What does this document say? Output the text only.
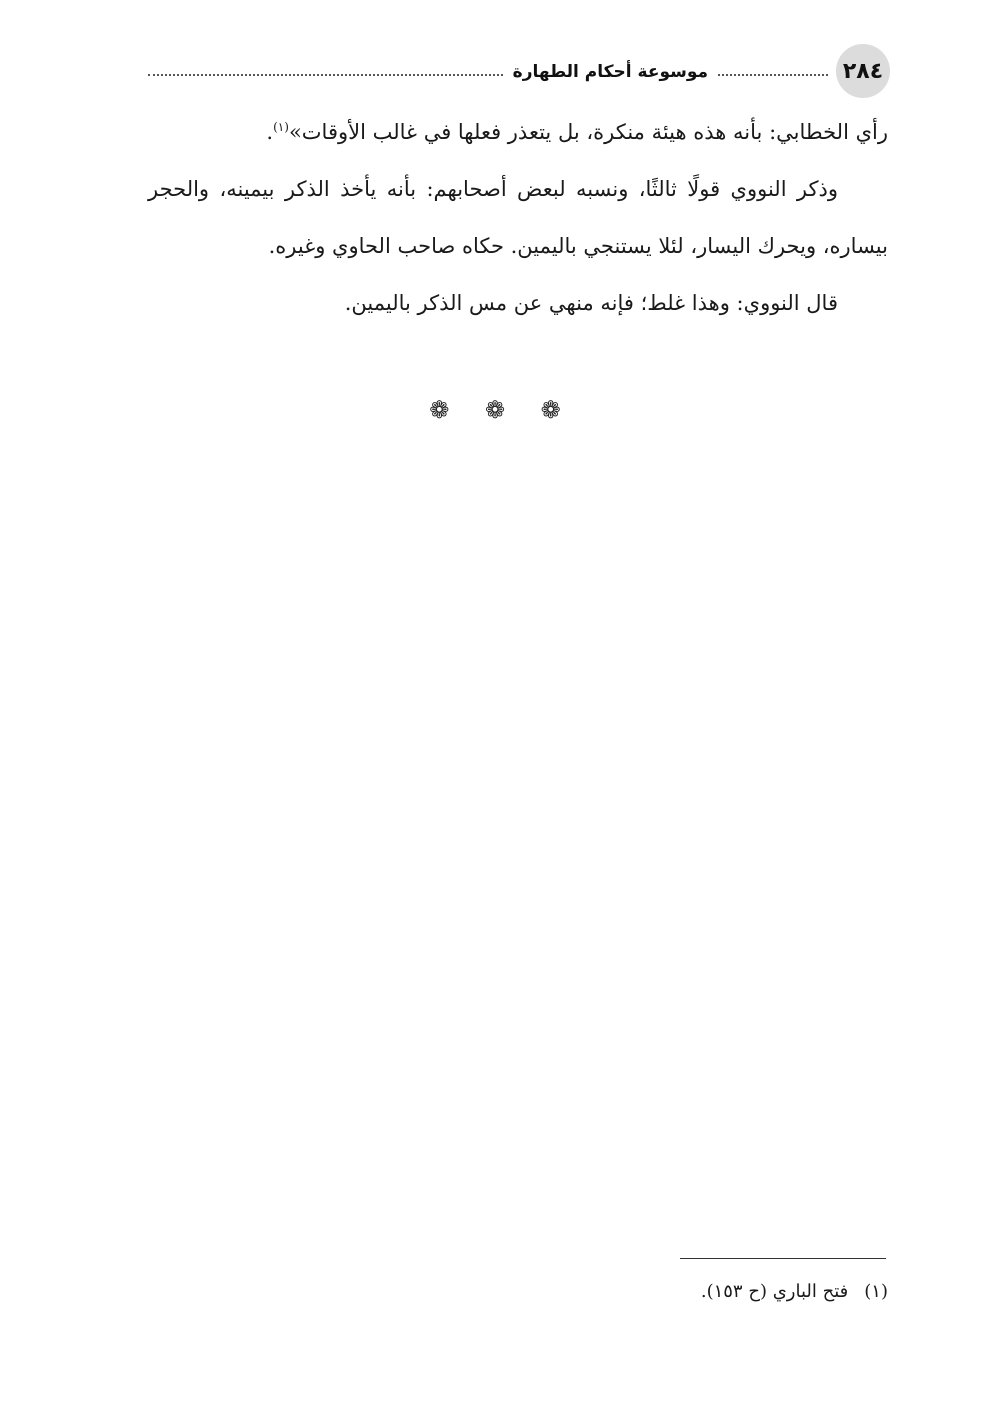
٢٨٤
موسوعة أحكام الطهارة

رأي الخطابي: بأنه هذه هيئة منكرة، بل يتعذر فعلها في غالب الأوقات»$^{(١)}$.

وذكر النووي قولًا ثالثًا، ونسبه لبعض أصحابهم: بأنه يأخذ الذكر بيمينه، والحجر بيساره، ويحرك اليسار، لئلا يستنجي باليمين. حكاه صاحب الحاوي وغيره.

قال النووي: وهذا غلط؛ فإنه منهي عن مس الذكر باليمين.

❁ ❁ ❁
(١)
فتح الباري (ح ١٥٣).
